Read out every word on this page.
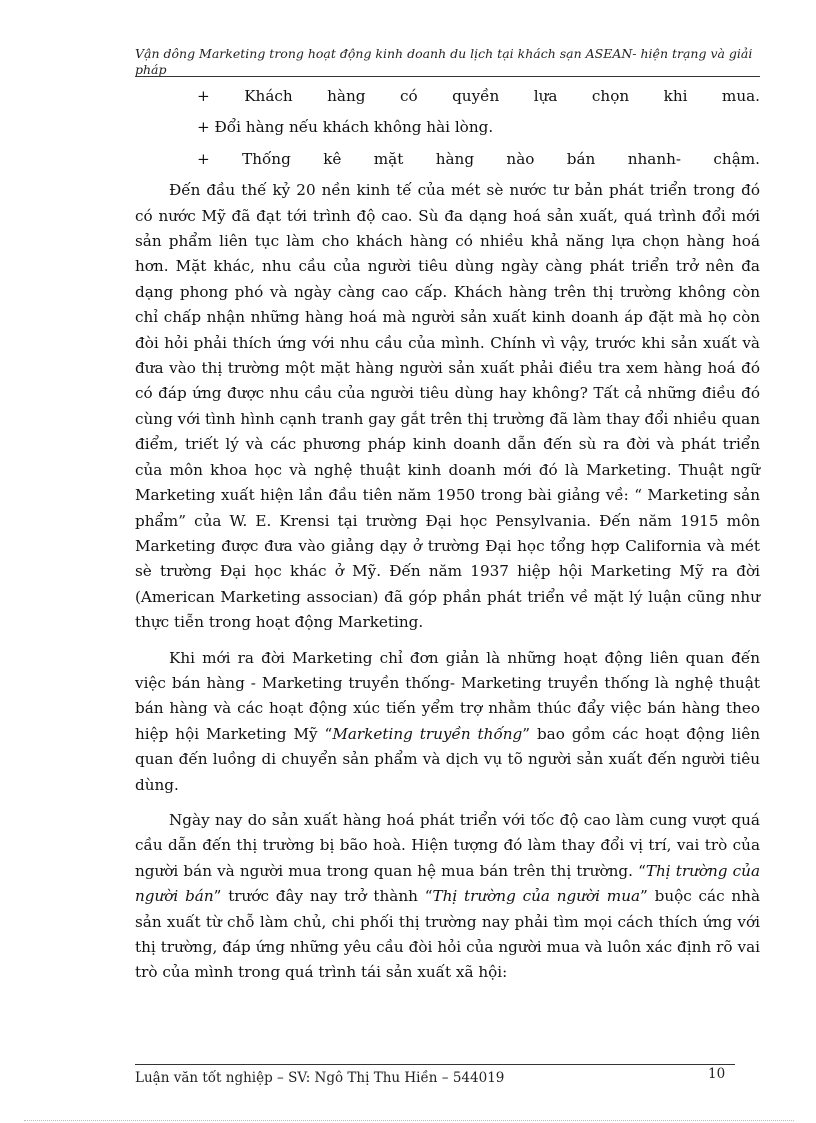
Vận dông Marketing trong hoạt động kinh doanh du lịch tại khách sạn ASEAN- hiện trạng và giải pháp

+ Khách hàng có quyền lựa chọn khi mua.

+ Đổi hàng nếu khách không hài lòng.

+ Thống kê mặt hàng nào bán nhanh- chậm.

Đến đầu thế kỷ 20 nền kinh tế của mét sè nước tư bản phát triển trong đó có nước Mỹ đã đạt tới trình độ cao. Sù đa dạng hoá sản xuất, quá trình đổi mới sản phẩm liên tục làm cho khách hàng có nhiều khả năng lựa chọn hàng hoá hơn. Mặt khác, nhu cầu của người tiêu dùng ngày càng phát triển trở nên đa dạng phong phó và ngày càng cao cấp. Khách hàng trên thị trường không còn chỉ chấp nhận những hàng hoá mà người sản xuất kinh doanh áp đặt mà họ còn đòi hỏi phải thích ứng với nhu cầu của mình. Chính vì vậy, trước khi sản xuất và đưa vào thị trường một mặt hàng người sản xuất phải điều tra xem hàng hoá đó có đáp ứng được nhu cầu của người tiêu dùng hay không? Tất cả những điều đó cùng với tình hình cạnh tranh gay gắt trên thị trường đã làm thay đổi nhiều quan điểm, triết lý và các phương pháp kinh doanh dẫn đến sù ra đời và phát triển của môn khoa học và nghệ thuật kinh doanh mới đó là Marketing. Thuật ngữ Marketing xuất hiện lần đầu tiên năm 1950 trong bài giảng về: “ Marketing sản phẩm” của W. E. Krensi tại trường Đại học Pensylvania. Đến năm 1915 môn Marketing được đưa vào giảng dạy ở trường Đại học tổng hợp California và mét sè trường Đại học khác ở Mỹ. Đến năm 1937 hiệp hội Marketing Mỹ ra đời (American Marketing associan) đã góp phần phát triển về mặt lý luận cũng như thực tiễn trong hoạt động Marketing.

Khi mới ra đời Marketing chỉ đơn giản là những hoạt động liên quan đến việc bán hàng - Marketing truyền thống- Marketing truyền thống là nghệ thuật bán hàng và các hoạt động xúc tiến yểm trợ nhằm thúc đẩy việc bán hàng theo hiệp hội Marketing Mỹ “Marketing truyền thống” bao gồm các hoạt động liên quan đến luồng di chuyển sản phẩm và dịch vụ tõ người sản xuất đến người tiêu dùng.

Ngày nay do sản xuất hàng hoá phát triển với tốc độ cao làm cung vượt quá cầu dẫn đến thị trường bị bão hoà. Hiện tượng đó làm thay đổi vị trí, vai trò của người bán và người mua trong quan hệ mua bán trên thị trường. “Thị trường của người bán” trước đây nay trở thành “Thị trường của người mua” buộc các nhà sản xuất từ chỗ làm chủ, chi phối thị trường nay phải tìm mọi cách thích ứng với thị trường, đáp ứng những yêu cầu đòi hỏi của người mua và luôn xác định rõ vai trò của mình trong quá trình tái sản xuất xã hội:

Luận văn tốt nghiệp – SV: Ngô Thị Thu Hiền – 544019	10
